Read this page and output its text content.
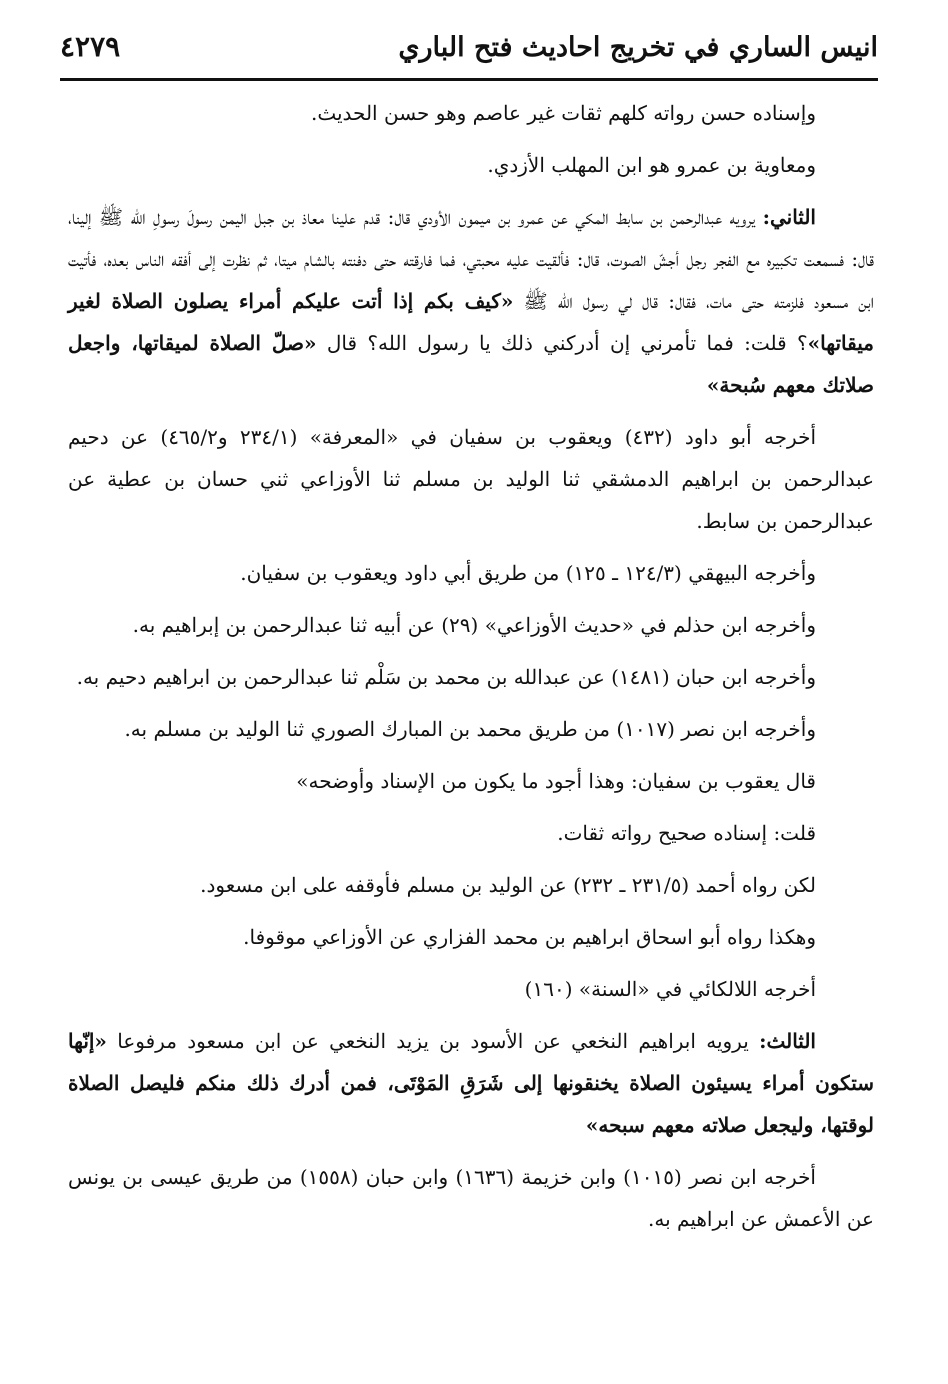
انيس الساري في تخريج احاديث فتح الباري
٤٢٧٩

وإسناده حسن رواته كلهم ثقات غير عاصم وهو حسن الحديث.

ومعاوية بن عمرو هو ابن المهلب الأزدي.

الثاني: يرويه عبدالرحمن بن سابط المكي عن عمرو بن ميمون الأودي قال: قدم علينا معاذ بن جبل اليمن رسولَ رسولِ الله ﷺ إلينا، قال: فسمعت تكبيره مع الفجر رجل أجشّ الصوت، قال: فألقيت عليه محبتي، فما فارقته حتى دفنته بالشام ميتا، ثم نظرت إلى أفقه الناس بعده، فأتيت ابن مسعود فلزمته حتى مات، فقال: قال لي رسول الله ﷺ «كيف بكم إذا أتت عليكم أمراء يصلون الصلاة لغير ميقاتها»؟ قلت: فما تأمرني إن أدركني ذلك يا رسول الله؟ قال «صلّ الصلاة لميقاتها، واجعل صلاتك معهم سُبحة»

أخرجه أبو داود (٤٣٢) ويعقوب بن سفيان في «المعرفة» (٢٣٤/١ و٤٦٥/٢) عن دحيم عبدالرحمن بن ابراهيم الدمشقي ثنا الوليد بن مسلم ثنا الأوزاعي ثني حسان بن عطية عن عبدالرحمن بن سابط.

وأخرجه البيهقي (١٢٤/٣ ـ ١٢٥) من طريق أبي داود ويعقوب بن سفيان.

وأخرجه ابن حذلم في «حديث الأوزاعي» (٢٩) عن أبيه ثنا عبدالرحمن بن إبراهيم به.

وأخرجه ابن حبان (١٤٨١) عن عبدالله بن محمد بن سَلْم ثنا عبدالرحمن بن ابراهيم دحيم به.

وأخرجه ابن نصر (١٠١٧) من طريق محمد بن المبارك الصوري ثنا الوليد بن مسلم به.

قال يعقوب بن سفيان: وهذا أجود ما يكون من الإسناد وأوضحه»

قلت: إسناده صحيح رواته ثقات.

لكن رواه أحمد (٢٣١/٥ ـ ٢٣٢) عن الوليد بن مسلم فأوقفه على ابن مسعود.

وهكذا رواه أبو اسحاق ابراهيم بن محمد الفزاري عن الأوزاعي موقوفا.

أخرجه اللالكائي في «السنة» (١٦٠)

الثالث: يرويه ابراهيم النخعي عن الأسود بن يزيد النخعي عن ابن مسعود مرفوعا «إنّها ستكون أمراء يسيئون الصلاة يخنقونها إلى شَرَقِ المَوْتَى، فمن أدرك ذلك منكم فليصل الصلاة لوقتها، وليجعل صلاته معهم سبحه»

أخرجه ابن نصر (١٠١٥) وابن خزيمة (١٦٣٦) وابن حبان (١٥٥٨) من طريق عيسى بن يونس عن الأعمش عن ابراهيم به.
